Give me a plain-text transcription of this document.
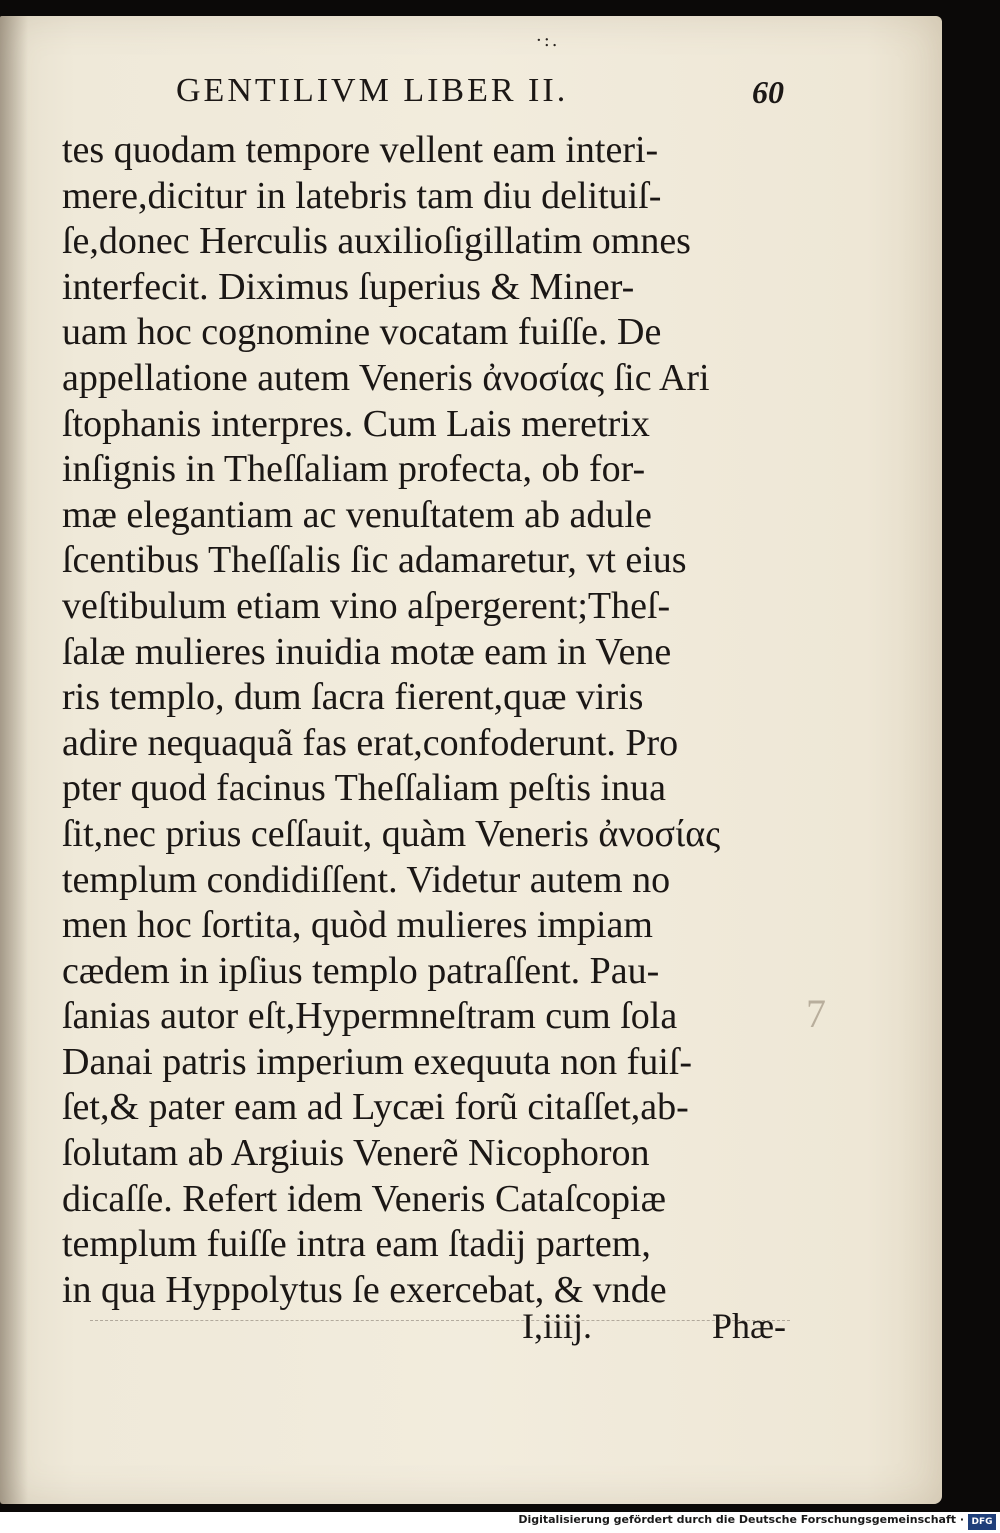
·:.
GENTILIVM LIBER II.	60
tes quodam tempore vellent eam interi-
mere,dicitur in latebris tam diu delituiſ-
ſe,donec Herculis auxilioſigillatim omnes
interfecit. Diximus ſuperius & Miner-
uam hoc cognomine vocatam fuiſſe. De
appellatione autem Veneris ἀνοσίας ſic Ari
ſtophanis interpres. Cum Lais meretrix
inſignis in Theſſaliam profecta, ob for-
mæ elegantiam ac venuſtatem ab adule
ſcentibus Theſſalis ſic adamaretur, vt eius
veſtibulum etiam vino aſpergerent;Theſ-
ſalæ mulieres inuidia motæ eam in Vene
ris templo, dum ſacra fierent,quæ viris
adire nequaquã fas erat,confoderunt. Pro
pter quod facinus Theſſaliam peſtis inua
ſit,nec prius ceſſauit, quàm Veneris ἀνοσίας
templum condidiſſent. Videtur autem no
men hoc ſortita, quòd mulieres impiam
cædem in ipſius templo patraſſent. Pau-
ſanias autor eſt,Hypermneſtram cum ſola
Danai patris imperium exequuta non fuiſ-
ſet,& pater eam ad Lycæi forũ citaſſet,ab-
ſolutam ab Argiuis Venerẽ Nicophoron
dicaſſe. Refert idem Veneris Cataſcopiæ
templum fuiſſe intra eam ſtadij partem,
in qua Hyppolytus ſe exercebat, & vnde
I,iiij.	Phæ-
7
Digitalisierung gefördert durch die Deutsche Forschungsgemeinschaft · DFG
